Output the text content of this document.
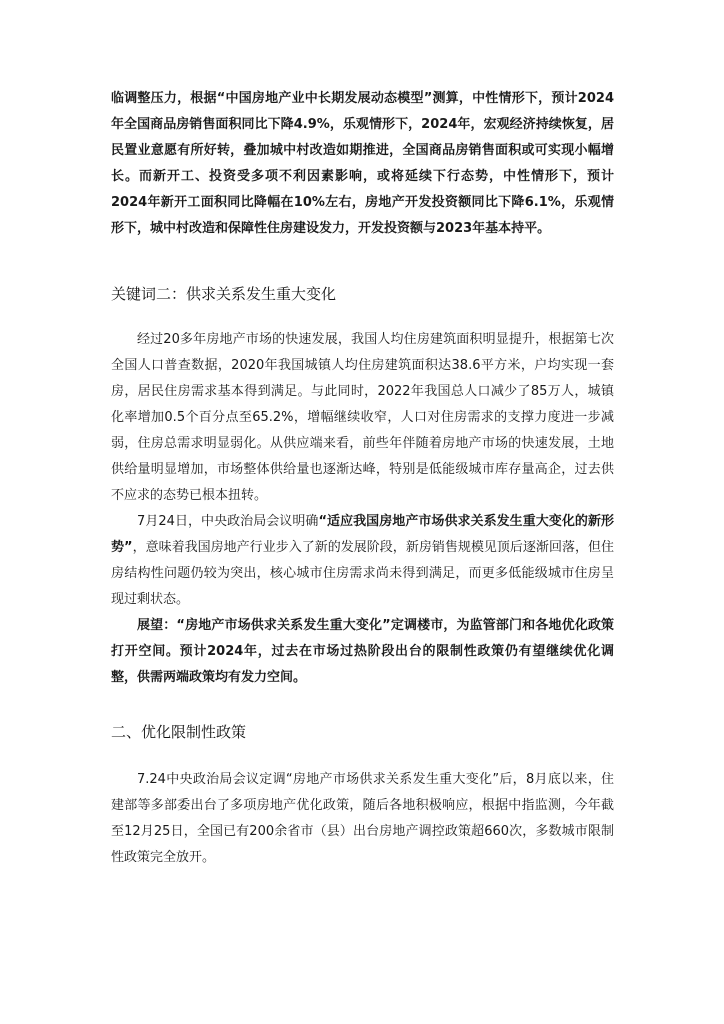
临调整压力，根据“中国房地产业中长期发展动态模型”测算，中性情形下，预计2024年全国商品房销售面积同比下降4.9%，乐观情形下，2024年，宏观经济持续恢复，居民置业意愿有所好转，叠加城中村改造如期推进，全国商品房销售面积或可实现小幅增长。而新开工、投资受多项不利因素影响，或将延续下行态势，中性情形下，预计2024年新开工面积同比降幅在10%左右，房地产开发投资额同比下降6.1%，乐观情形下，城中村改造和保障性住房建设发力，开发投资额与2023年基本持平。

关键词二：供求关系发生重大变化

经过20多年房地产市场的快速发展，我国人均住房建筑面积明显提升，根据第七次全国人口普查数据，2020年我国城镇人均住房建筑面积达38.6平方米，户均实现一套房，居民住房需求基本得到满足。与此同时，2022年我国总人口减少了85万人，城镇化率增加0.5个百分点至65.2%，增幅继续收窄，人口对住房需求的支撑力度进一步减弱，住房总需求明显弱化。从供应端来看，前些年伴随着房地产市场的快速发展，土地供给量明显增加，市场整体供给量也逐渐达峰，特别是低能级城市库存量高企，过去供不应求的态势已根本扭转。

7月24日，中央政治局会议明确“适应我国房地产市场供求关系发生重大变化的新形势”，意味着我国房地产行业步入了新的发展阶段，新房销售规模见顶后逐渐回落，但住房结构性问题仍较为突出，核心城市住房需求尚未得到满足，而更多低能级城市住房呈现过剩状态。

展望：“房地产市场供求关系发生重大变化”定调楼市，为监管部门和各地优化政策打开空间。预计2024年，过去在市场过热阶段出台的限制性政策仍有望继续优化调整，供需两端政策均有发力空间。

二、优化限制性政策

7.24中央政治局会议定调“房地产市场供求关系发生重大变化”后，8月底以来，住建部等多部委出台了多项房地产优化政策，随后各地积极响应，根据中指监测，今年截至12月25日，全国已有200余省市（县）出台房地产调控政策超660次，多数城市限制性政策完全放开。
